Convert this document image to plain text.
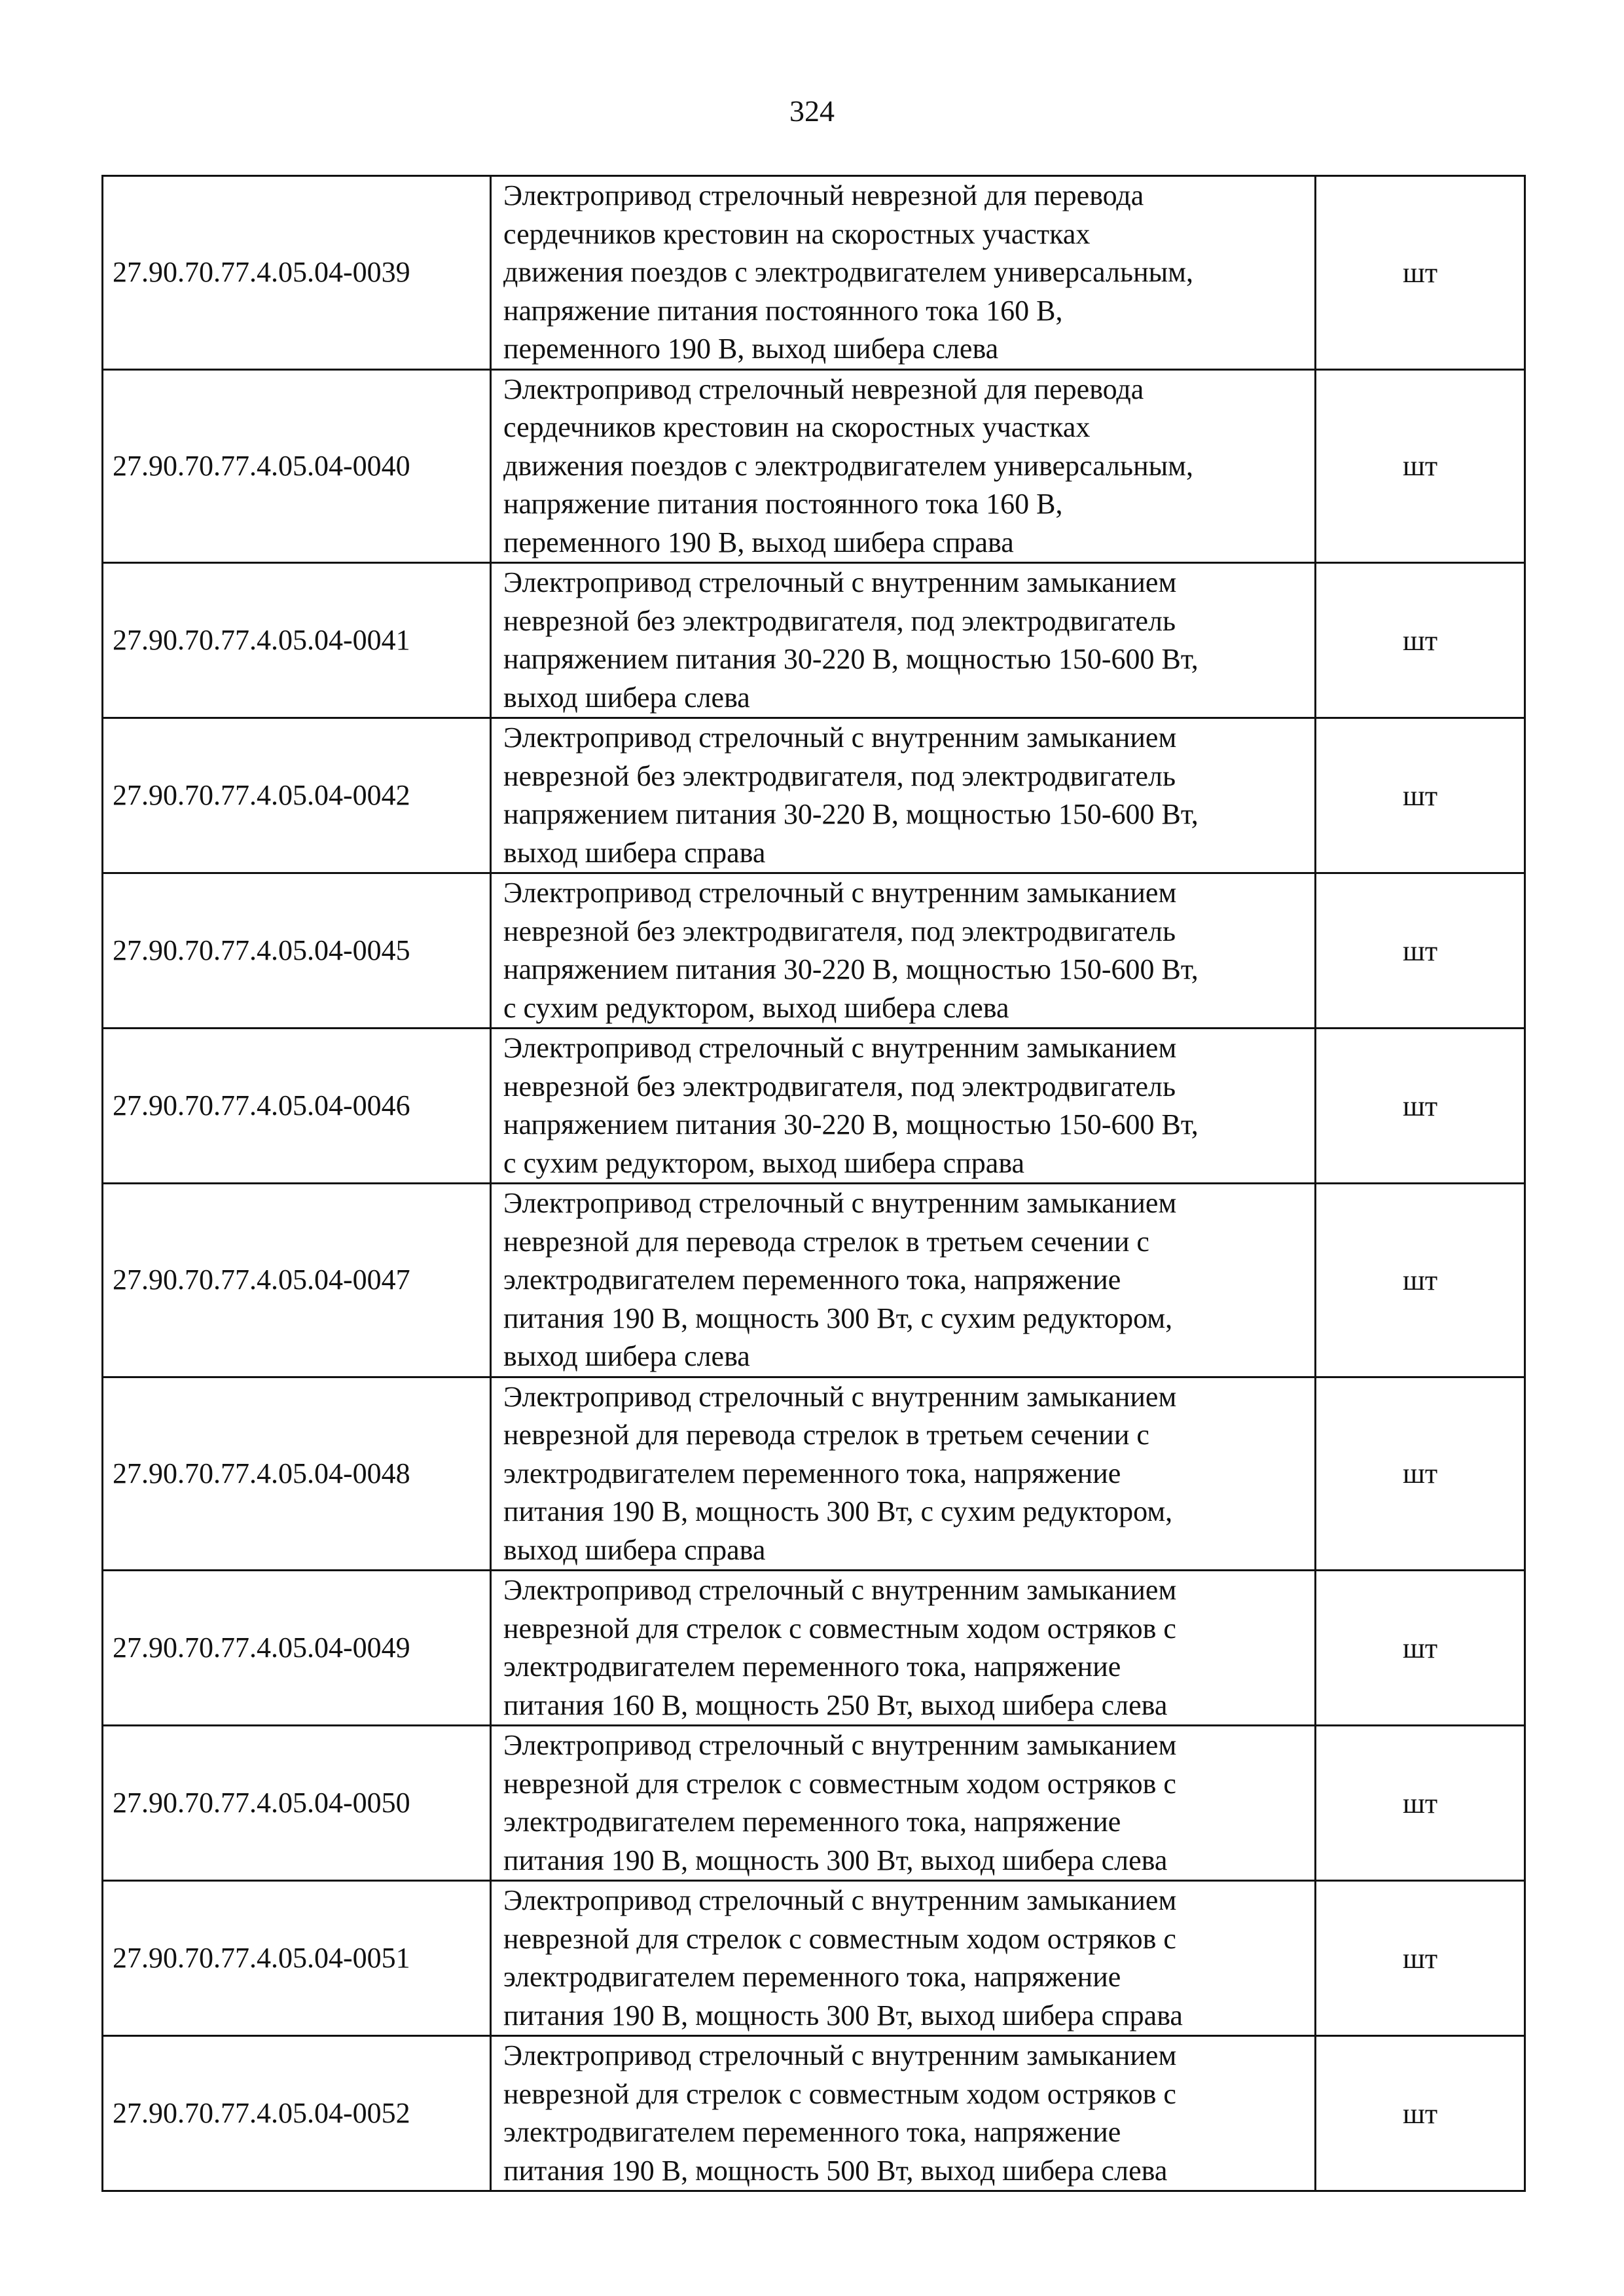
324
27.90.70.77.4.05.04-0039	Электропривод стрелочный неврезной для перевода
сердечников крестовин на скоростных участках
движения поездов с электродвигателем универсальным,
напряжение питания постоянного тока 160 В,
переменного 190 В, выход шибера слева	шт
27.90.70.77.4.05.04-0040	Электропривод стрелочный неврезной для перевода
сердечников крестовин на скоростных участках
движения поездов с электродвигателем универсальным,
напряжение питания постоянного тока 160 В,
переменного 190 В, выход шибера справа	шт
27.90.70.77.4.05.04-0041	Электропривод стрелочный с внутренним замыканием
неврезной без электродвигателя, под электродвигатель
напряжением питания 30-220 В, мощностью 150-600 Вт,
выход шибера слева	шт
27.90.70.77.4.05.04-0042	Электропривод стрелочный с внутренним замыканием
неврезной без электродвигателя, под электродвигатель
напряжением питания 30-220 В, мощностью 150-600 Вт,
выход шибера справа	шт
27.90.70.77.4.05.04-0045	Электропривод стрелочный с внутренним замыканием
неврезной без электродвигателя, под электродвигатель
напряжением питания 30-220 В, мощностью 150-600 Вт,
с сухим редуктором, выход шибера слева	шт
27.90.70.77.4.05.04-0046	Электропривод стрелочный с внутренним замыканием
неврезной без электродвигателя, под электродвигатель
напряжением питания 30-220 В, мощностью 150-600 Вт,
с сухим редуктором, выход шибера справа	шт
27.90.70.77.4.05.04-0047	Электропривод стрелочный с внутренним замыканием
неврезной для перевода стрелок в третьем сечении с
электродвигателем переменного тока, напряжение
питания 190 В, мощность 300 Вт, с сухим редуктором,
выход шибера слева	шт
27.90.70.77.4.05.04-0048	Электропривод стрелочный с внутренним замыканием
неврезной для перевода стрелок в третьем сечении с
электродвигателем переменного тока, напряжение
питания 190 В, мощность 300 Вт, с сухим редуктором,
выход шибера справа	шт
27.90.70.77.4.05.04-0049	Электропривод стрелочный с внутренним замыканием
неврезной для стрелок с совместным ходом остряков с
электродвигателем переменного тока, напряжение
питания 160 В, мощность 250 Вт, выход шибера слева	шт
27.90.70.77.4.05.04-0050	Электропривод стрелочный с внутренним замыканием
неврезной для стрелок с совместным ходом остряков с
электродвигателем переменного тока, напряжение
питания 190 В, мощность 300 Вт, выход шибера слева	шт
27.90.70.77.4.05.04-0051	Электропривод стрелочный с внутренним замыканием
неврезной для стрелок с совместным ходом остряков с
электродвигателем переменного тока, напряжение
питания 190 В, мощность 300 Вт, выход шибера справа	шт
27.90.70.77.4.05.04-0052	Электропривод стрелочный с внутренним замыканием
неврезной для стрелок с совместным ходом остряков с
электродвигателем переменного тока, напряжение
питания 190 В, мощность 500 Вт, выход шибера слева	шт
